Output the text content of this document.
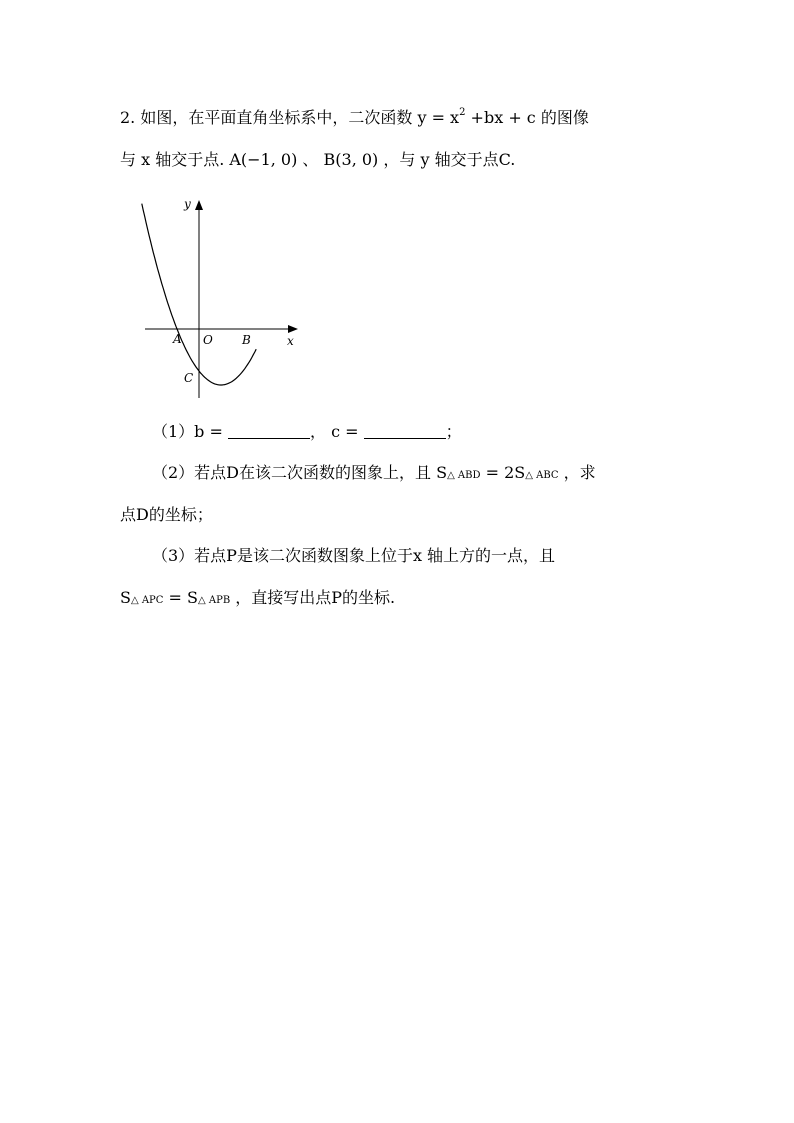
2. 如图，在平面直角坐标系中，二次函数 $y = x^2 +bx + c$ 的图像
与 x 轴交于点. A(−1, 0) 、 B(3, 0) ，与 y 轴交于点C.
y
x
A O B
C
（1）b =	， c =	；
（2）若点D在该二次函数的图象上，且 S△ ABD = 2S△ ABC ，求
点D的坐标；
（3）若点P是该二次函数图象上位于x 轴上方的一点，且
S△ APC = S△ APB ，直接写出点P的坐标.
